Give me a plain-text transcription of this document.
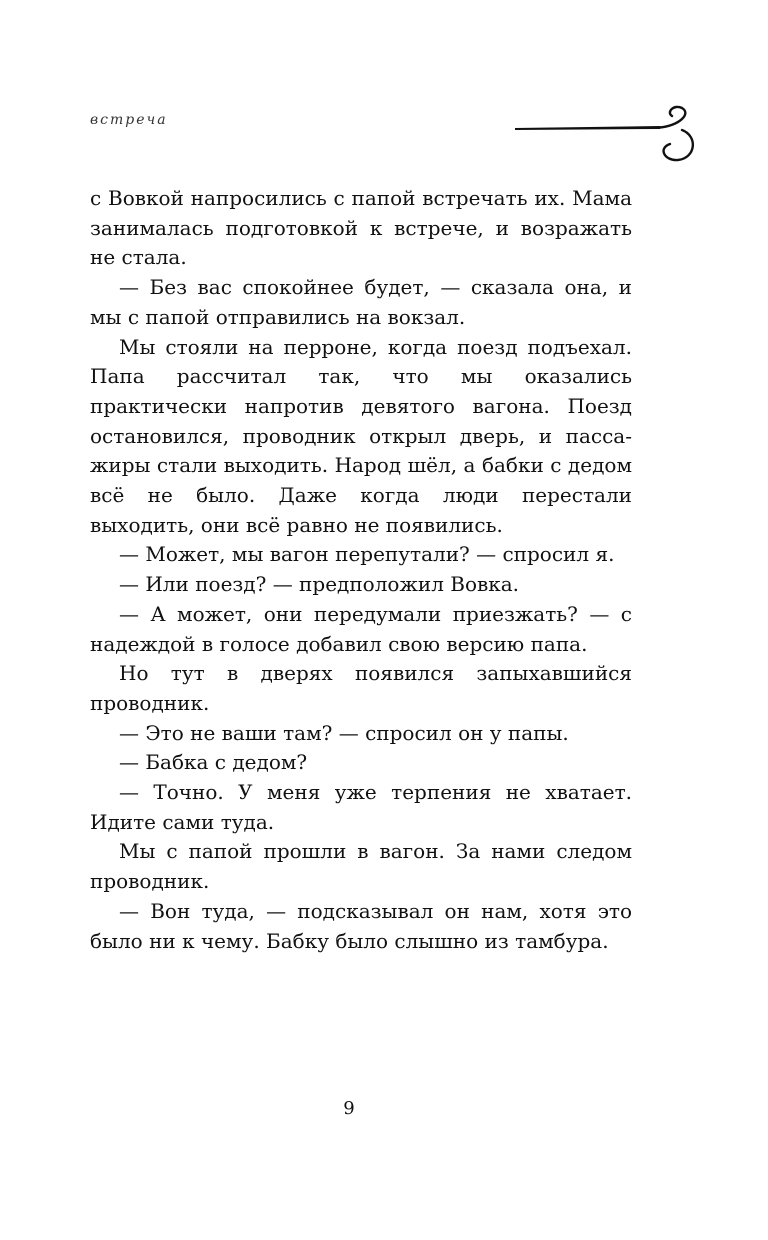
встреча

с Вовкой напросились с папой встречать их. Мама занималась подготовкой к встрече, и возражать не стала.

— Без вас спокойнее будет, — сказала она, и мы с папой отправились на вокзал.

Мы стояли на перроне, когда поезд подъехал. Папа рассчитал так, что мы оказались практически напротив девятого вагона. Поезд остановился, проводник открыл дверь, и пассажиры стали выходить. Народ шёл, а бабки с дедом всё не было. Даже когда люди перестали выходить, они всё равно не появились.

— Может, мы вагон перепутали? — спросил я.

— Или поезд? — предположил Вовка.

— А может, они передумали приезжать? — с надеждой в голосе добавил свою версию папа.

Но тут в дверях появился запыхавшийся проводник.

— Это не ваши там? — спросил он у папы.

— Бабка с дедом?

— Точно. У меня уже терпения не хватает. Идите сами туда.

Мы с папой прошли в вагон. За нами следом проводник.

— Вон туда, — подсказывал он нам, хотя это было ни к чему. Бабку было слышно из тамбура.

9
